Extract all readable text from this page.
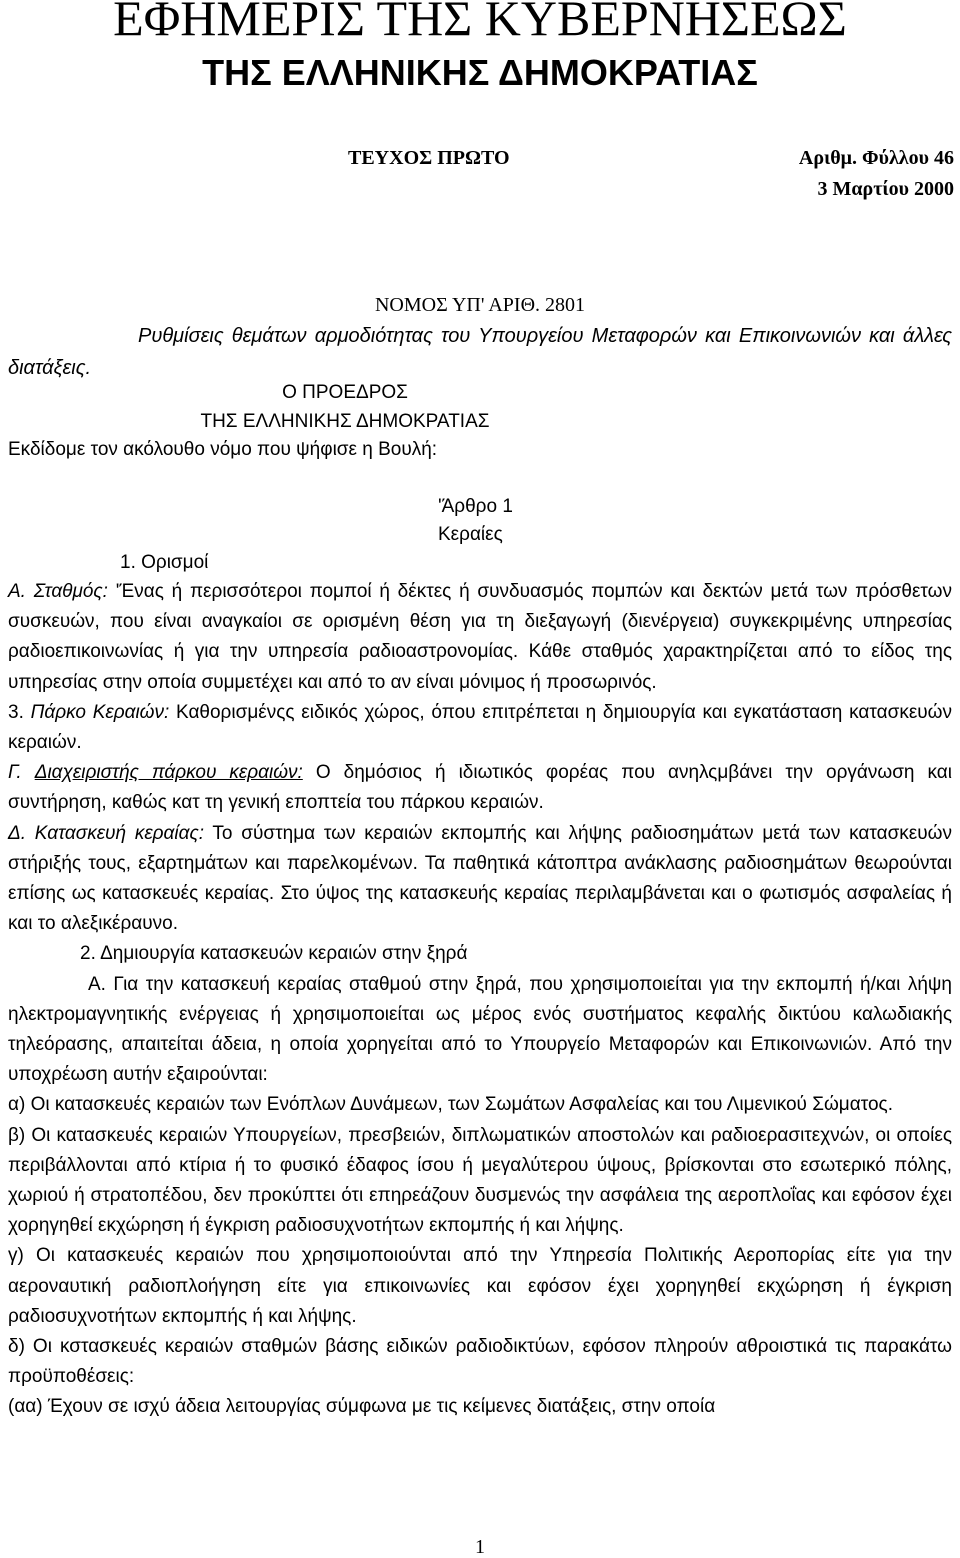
ΕΦΗΜΕΡΙΣ ΤΗΣ ΚΥΒΕΡΝΗΣΕΩΣ
ΤΗΣ ΕΛΛΗΝΙΚΗΣ ΔΗΜΟΚΡΑΤΙΑΣ
ΤΕΥΧΟΣ ΠΡΩΤΟ	Αριθμ. Φύλλου 46
3 Μαρτίου 2000
ΝΟΜΟΣ ΥΠ' ΑΡΙΘ. 2801
Ρυθμίσεις θεμάτων αρμοδιότητας του Υπουργείου Μεταφορών και Επικοινωνιών και άλλες διατάξεις.
Ο ΠΡΟΕΔΡΟΣ
ΤΗΣ ΕΛΛΗΝΙΚΗΣ ΔΗΜΟΚΡΑΤΙΑΣ
Εκδίδομε τον ακόλουθο νόμο που ψήφισε η Βουλή:
'Άρθρο 1
Κεραίες
1. Ορισμοί

Α. Σταθμός: 'Ένας ή περισσότεροι πομποί ή δέκτες ή συνδυασμός πομπών και δεκτών μετά των πρόσθετων συσκευών, που είναι αναγκαίοι σε ορισμένη θέση για τη διεξαγωγή (διενέργεια) συγκεκριμένης υπηρεσίας ραδιοεπικοινωνίας ή για την υπηρεσία ραδιοαστρονομίας. Κάθε σταθμός χαρακτηρίζεται από το είδος της υπηρεσίας στην οποία συμμετέχει και από το αν είναι μόνιμος ή προσωρινός.

3. Πάρκο Κεραιών: Καθορισμένςς ειδικός χώρος, όπου επιτρέπεται η δημιουργία και εγκατάσταση κατασκευών κεραιών.

Γ. Διαχειριστής πάρκου κεραιών: Ο δημόσιος ή ιδιωτικός φορέας που ανηλςμβάνει την οργάνωση και συντήρηση, καθώς κατ τη γενική εποπτεία του πάρκου κεραιών.

Δ. Κατασκευή κεραίας: Το σύστημα των κεραιών εκπομπής και λήψης ραδιοσημάτων μετά των κατασκευών στήριξής τους, εξαρτημάτων και παρελκομένων. Τα παθητικά κάτοπτρα ανάκλασης ραδιοσημάτων θεωρούνται επίσης ως κατασκευές κεραίας. Στο ύψος της κατασκευής κεραίας περιλαμβάνεται και ο φωτισμός ασφαλείας ή και το αλεξικέραυνο.

2. Δημιουργία κατασκευών κεραιών στην ξηρά

Α. Για την κατασκευή κεραίας σταθμού στην ξηρά, που χρησιμοποιείται για την εκπομπή ή/και λήψη ηλεκτρομαγνητικής ενέργειας ή χρησιμοποιείται ως μέρος ενός συστήματος κεφαλής δικτύου καλωδιακής τηλεόρασης, απαιτείται άδεια, η οποία χορηγείται από το Υπουργείο Μεταφορών και Επικοινωνιών. Από την υποχρέωση αυτήν εξαιρούνται:

α) Οι κατασκευές κεραιών των Ενόπλων Δυνάμεων, των Σωμάτων Ασφαλείας και του Λιμενικού Σώματος.

β) Οι κατασκευές κεραιών Υπουργείων, πρεσβειών, διπλωματικών αποστολών και ραδιοερασιτεχνών, οι οποίες περιβάλλονται από κτίρια ή το φυσικό έδαφος ίσου ή μεγαλύτερου ύψους, βρίσκονται στο εσωτερικό πόλης, χωριού ή στρατοπέδου, δεν προκύπτει ότι επηρεάζουν δυσμενώς την ασφάλεια της αεροπλοΐας και εφόσον έχει χορηγηθεί εκχώρηση ή έγκριση ραδιοσυχνοτήτων εκπομπής ή και λήψης.

γ) Οι κατασκευές κεραιών που χρησιμοποιούνται από την Υπηρεσία Πολιτικής Αεροπορίας είτε για την αεροναυτική ραδιοπλοήγηση είτε για επικοινωνίες και εφόσον έχει χορηγηθεί εκχώρηση ή έγκριση ραδιοσυχνοτήτων εκπομπής ή και λήψης.

δ) Οι κστασκευές κεραιών σταθμών βάσης ειδικών ραδιοδικτύων, εφόσον πληρούν αθροιστικά τις παρακάτω προϋποθέσεις:

(αα) Έχουν σε ισχύ άδεια λειτουργίας σύμφωνα με τις κείμενες διατάξεις, στην οποία

1
